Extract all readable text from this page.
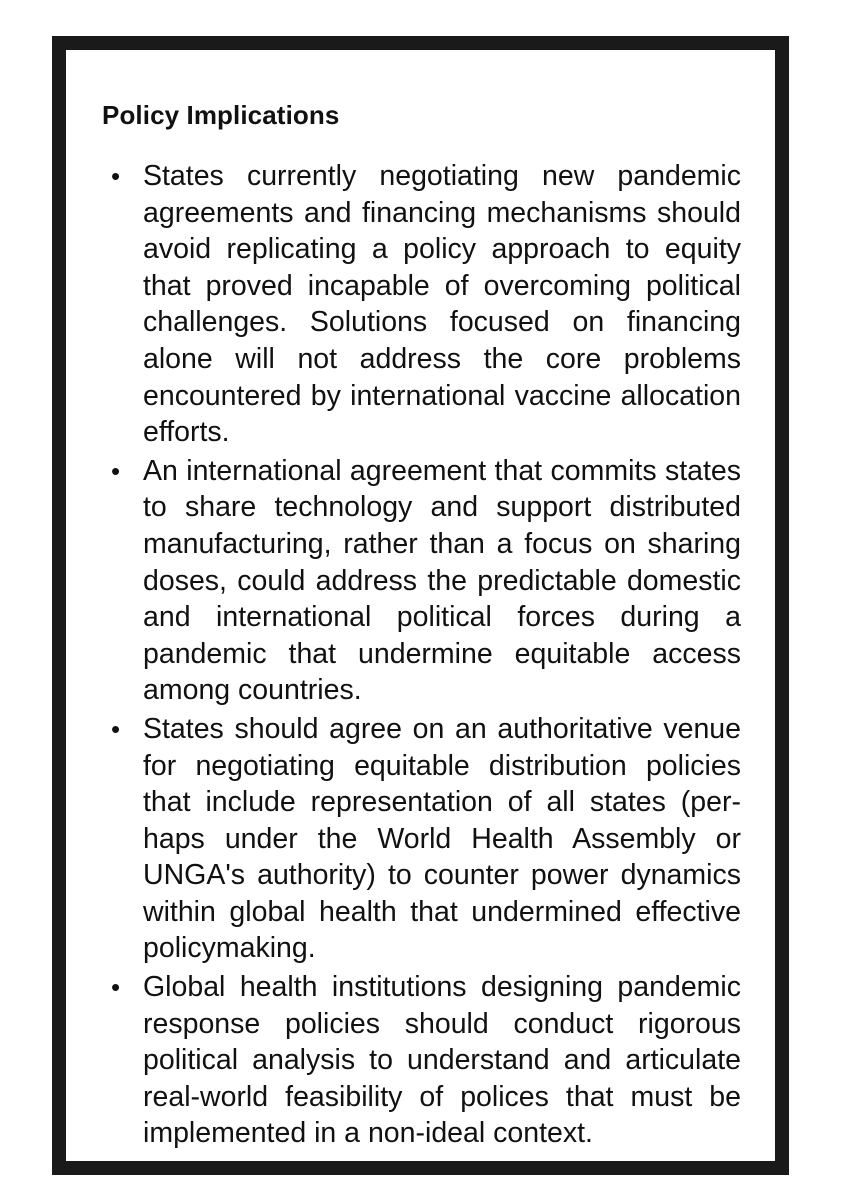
Policy Implications
• States currently negotiating new pandemic agreements and financing mechanisms should avoid replicating a policy approach to equity that proved incapable of overcoming political challenges. Solutions focused on financing alone will not address the core problems encountered by international vaccine allocation efforts.
• An international agreement that commits states to share technology and support distributed manufacturing, rather than a focus on sharing doses, could address the predictable domestic and international political forces during a pandemic that undermine equitable access among countries.
• States should agree on an authoritative venue for negotiating equitable distribution policies that include representation of all states (perhaps under the World Health Assembly or UNGA's authority) to counter power dynamics within global health that undermined effective policymaking.
• Global health institutions designing pandemic response policies should conduct rigorous political analysis to understand and articulate real-world feasibility of polices that must be implemented in a non-ideal context.
